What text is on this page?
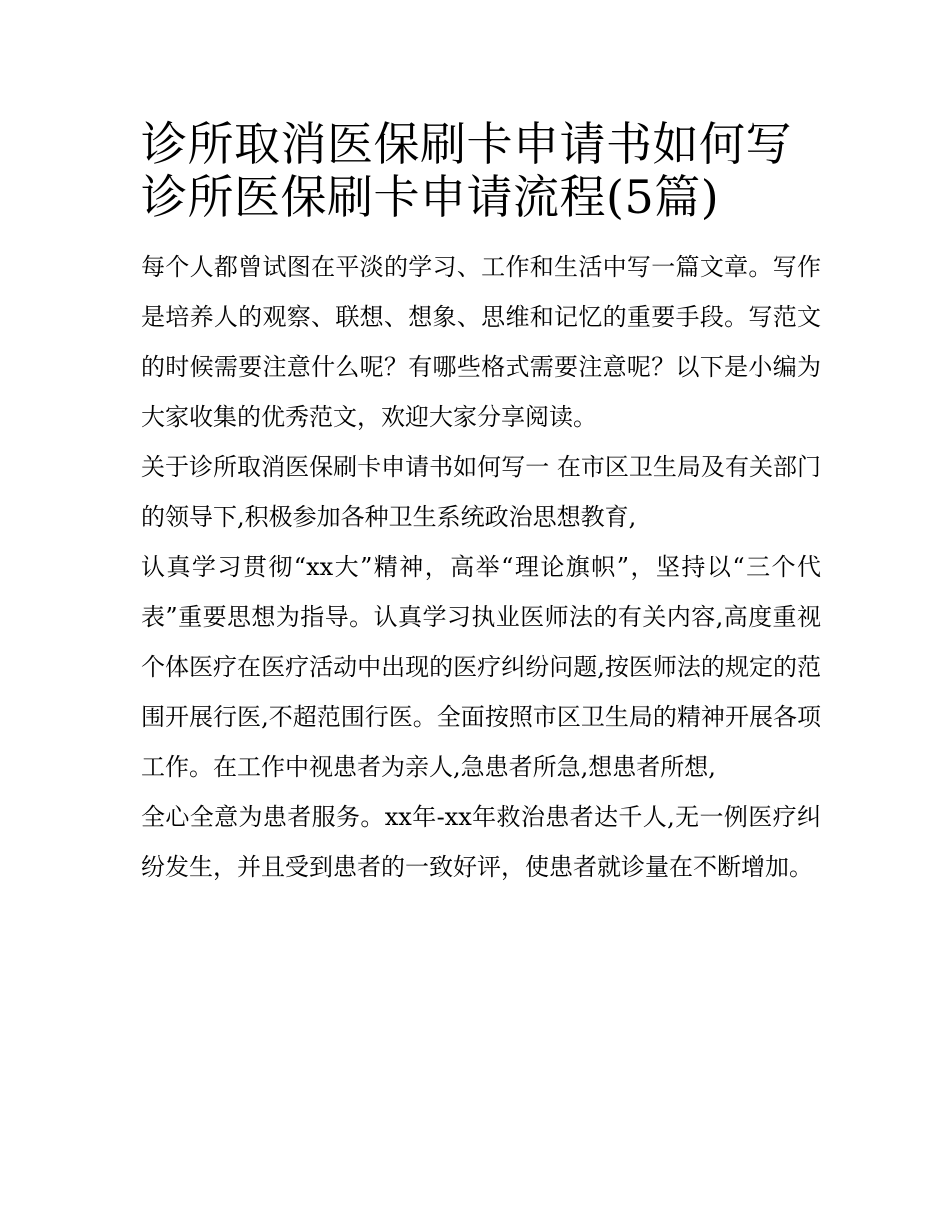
诊所取消医保刷卡申请书如何写 诊所医保刷卡申请流程(5篇)

每个人都曾试图在平淡的学习、工作和生活中写一篇文章。写作是培养人的观察、联想、想象、思维和记忆的重要手段。写范文的时候需要注意什么呢？有哪些格式需要注意呢？以下是小编为大家收集的优秀范文，欢迎大家分享阅读。

关于诊所取消医保刷卡申请书如何写一 在市区卫生局及有关部门的领导下,积极参加各种卫生系统政治思想教育,

认真学习贯彻“xx大”精神，高举“理论旗帜”，坚持以“三个代表”重要思想为指导。认真学习执业医师法的有关内容,高度重视个体医疗在医疗活动中出现的医疗纠纷问题,按医师法的规定的范围开展行医,不超范围行医。全面按照市区卫生局的精神开展各项工作。在工作中视患者为亲人,急患者所急,想患者所想,

全心全意为患者服务。xx年-xx年救治患者达千人,无一例医疗纠纷发生，并且受到患者的一致好评，使患者就诊量在不断增加。
